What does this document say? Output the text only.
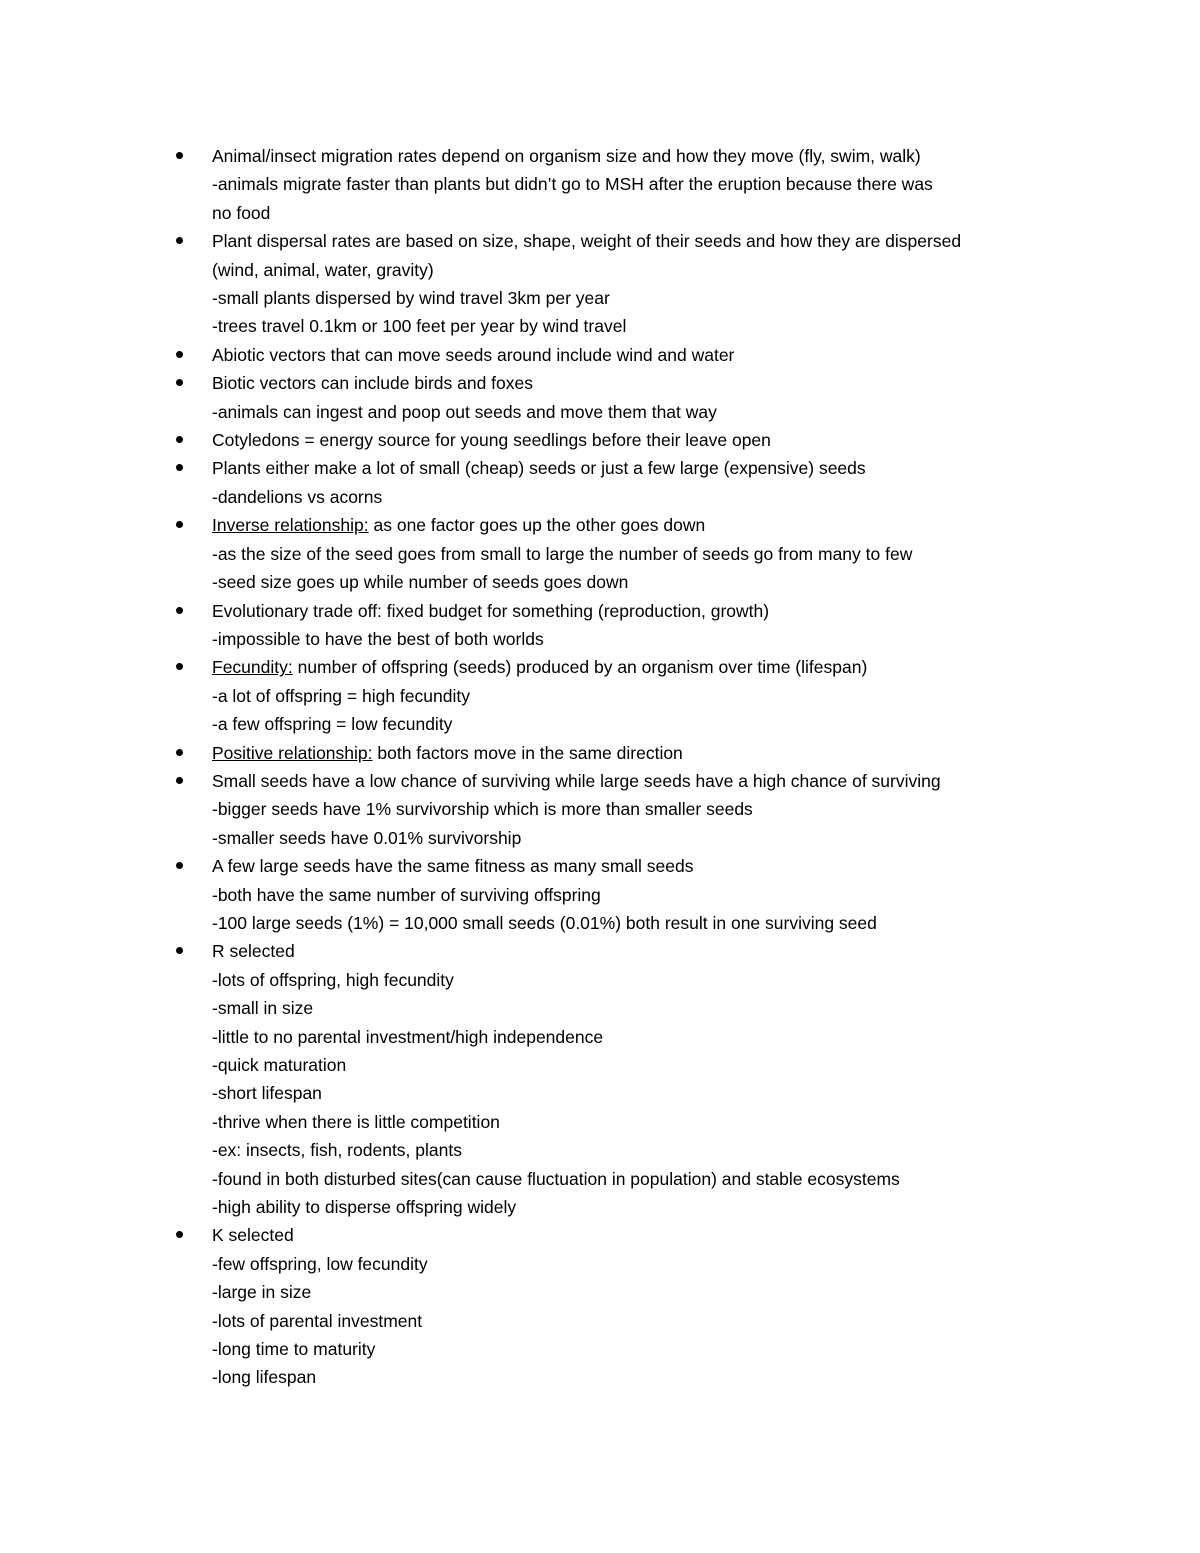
Animal/insect migration rates depend on organism size and how they move (fly, swim, walk)
-animals migrate faster than plants but didn’t go to MSH after the eruption because there was
no food
Plant dispersal rates are based on size, shape, weight of their seeds and how they are dispersed
(wind, animal, water, gravity)
-small plants dispersed by wind travel 3km per year
-trees travel 0.1km or 100 feet per year by wind travel
Abiotic vectors that can move seeds around include wind and water
Biotic vectors can include birds and foxes
-animals can ingest and poop out seeds and move them that way
Cotyledons = energy source for young seedlings before their leave open
Plants either make a lot of small (cheap) seeds or just a few large (expensive) seeds
-dandelions vs acorns
Inverse relationship: as one factor goes up the other goes down
-as the size of the seed goes from small to large the number of seeds go from many to few
-seed size goes up while number of seeds goes down
Evolutionary trade off: fixed budget for something (reproduction, growth)
-impossible to have the best of both worlds
Fecundity: number of offspring (seeds) produced by an organism over time (lifespan)
-a lot of offspring = high fecundity
-a few offspring = low fecundity
Positive relationship: both factors move in the same direction
Small seeds have a low chance of surviving while large seeds have a high chance of surviving
-bigger seeds have 1% survivorship which is more than smaller seeds
-smaller seeds have 0.01% survivorship
A few large seeds have the same fitness as many small seeds
-both have the same number of surviving offspring
-100 large seeds (1%) = 10,000 small seeds (0.01%) both result in one surviving seed
R selected
-lots of offspring, high fecundity
-small in size
-little to no parental investment/high independence
-quick maturation
-short lifespan
-thrive when there is little competition
-ex: insects, fish, rodents, plants
-found in both disturbed sites(can cause fluctuation in population) and stable ecosystems
-high ability to disperse offspring widely
K selected
-few offspring, low fecundity
-large in size
-lots of parental investment
-long time to maturity
-long lifespan
